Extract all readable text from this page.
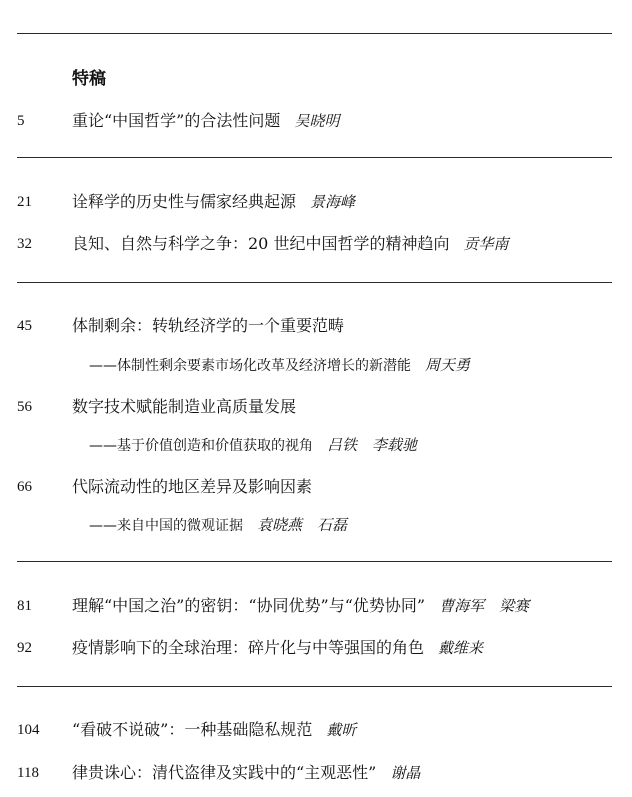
特稿
5	重论“中国哲学”的合法性问题 吴晓明
21	诠释学的历史性与儒家经典起源 景海峰
32	良知、自然与科学之争：20 世纪中国哲学的精神趋向 贡华南
45	体制剩余：转轨经济学的一个重要范畴
——体制性剩余要素市场化改革及经济增长的新潜能 周天勇
56	数字技术赋能制造业高质量发展
——基于价值创造和价值获取的视角 吕铁　李载驰
66	代际流动性的地区差异及影响因素
——来自中国的微观证据 袁晓燕　石磊
81	理解“中国之治”的密钥：“协同优势”与“优势协同” 曹海军　梁赛
92	疫情影响下的全球治理：碎片化与中等强国的角色 戴维来
104	“看破不说破”：一种基础隐私规范 戴昕
118	律贵诛心：清代盗律及实践中的“主观恶性” 谢晶
